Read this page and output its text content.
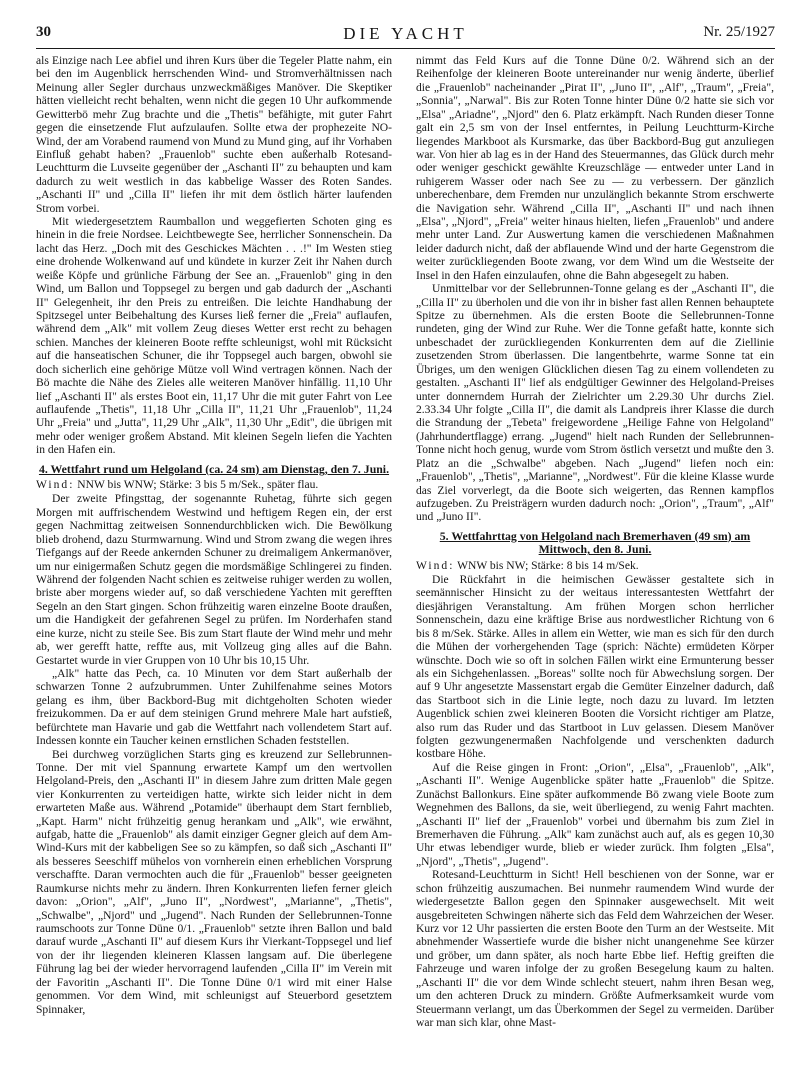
30	DIE YACHT	Nr. 25/1927

als Einzige nach Lee abfiel und ihren Kurs über die Tegeler Platte nahm, ein bei den im Augenblick herrschenden Wind- und Stromverhältnissen nach Meinung aller Segler durchaus unzweckmäßiges Manöver. Die Skeptiker hätten vielleicht recht behalten, wenn nicht die gegen 10 Uhr aufkommende Gewitterbö mehr Zug brachte und die „Thetis" befähigte, mit guter Fahrt gegen die einsetzende Flut aufzulaufen. Sollte etwa der prophezeite NO-Wind, der am Vorabend raumend von Mund zu Mund ging, auf ihr Vorhaben Einfluß gehabt haben? „Frauenlob" suchte eben außerhalb Rotesand-Leuchtturm die Luvseite gegenüber der „Aschanti II" zu behaupten und kam dadurch zu weit westlich in das kabbelige Wasser des Roten Sandes. „Aschanti II" und „Cilla II" liefen ihr mit dem östlich härter laufenden Strom vorbei.

Mit wiedergesetztem Raumballon und weggefierten Schoten ging es hinein in die freie Nordsee. Leichtbewegte See, herrlicher Sonnenschein. Da lacht das Herz. „Doch mit des Geschickes Mächten . . .!" Im Westen stieg eine drohende Wolkenwand auf und kündete in kurzer Zeit ihr Nahen durch weiße Köpfe und grünliche Färbung der See an. „Frauenlob" ging in den Wind, um Ballon und Toppsegel zu bergen und gab dadurch der „Aschanti II" Gelegenheit, ihr den Preis zu entreißen. Die leichte Handhabung der Spitzsegel unter Beibehaltung des Kurses ließ ferner die „Freia" auflaufen, während dem „Alk" mit vollem Zeug dieses Wetter erst recht zu behagen schien. Manches der kleineren Boote reffte schleunigst, wohl mit Rücksicht auf die hanseatischen Schuner, die ihr Toppsegel auch bargen, obwohl sie doch sicherlich eine gehörige Mütze voll Wind vertragen können. Nach der Bö machte die Nähe des Zieles alle weiteren Manöver hinfällig. 11,10 Uhr lief „Aschanti II" als erstes Boot ein, 11,17 Uhr die mit guter Fahrt von Lee auflaufende „Thetis", 11,18 Uhr „Cilla II", 11,21 Uhr „Frauenlob", 11,24 Uhr „Freia" und „Jutta", 11,29 Uhr „Alk", 11,30 Uhr „Edit", die übrigen mit mehr oder weniger großem Abstand. Mit kleinen Segeln liefen die Yachten in den Hafen ein.

4. Wettfahrt rund um Helgoland (ca. 24 sm) am Dienstag, den 7. Juni.

Wind: NNW bis WNW; Stärke: 3 bis 5 m/Sek., später flau.

Der zweite Pfingsttag, der sogenannte Ruhetag, führte sich gegen Morgen mit auffrischendem Westwind und heftigem Regen ein, der erst gegen Nachmittag zeitweisen Sonnendurchblicken wich. Die Bewölkung blieb drohend, dazu Sturmwarnung. Wind und Strom zwang die wegen ihres Tiefgangs auf der Reede ankernden Schuner zu dreimaligem Ankermanöver, um nur einigermaßen Schutz gegen die mordsmäßige Schlingerei zu finden. Während der folgenden Nacht schien es zeitweise ruhiger werden zu wollen, briste aber morgens wieder auf, so daß verschiedene Yachten mit gerefften Segeln an den Start gingen. Schon frühzeitig waren einzelne Boote draußen, um die Handigkeit der gefahrenen Segel zu prüfen. Im Norderhafen stand eine kurze, nicht zu steile See. Bis zum Start flaute der Wind mehr und mehr ab, wer gerefft hatte, reffte aus, mit Vollzeug ging alles auf die Bahn. Gestartet wurde in vier Gruppen von 10 Uhr bis 10,15 Uhr.

„Alk" hatte das Pech, ca. 10 Minuten vor dem Start außerhalb der schwarzen Tonne 2 aufzubrummen. Unter Zuhilfenahme seines Motors gelang es ihm, über Backbord-Bug mit dichtgeholten Schoten wieder freizukommen. Da er auf dem steinigen Grund mehrere Male hart aufstieß, befürchtete man Havarie und gab die Wettfahrt nach vollendetem Start auf. Indessen konnte ein Taucher keinen ernstlichen Schaden feststellen.

Bei durchweg vorzüglichen Starts ging es kreuzend zur Sellebrunnen-Tonne. Der mit viel Spannung erwartete Kampf um den wertvollen Helgoland-Preis, den „Aschanti II" in diesem Jahre zum dritten Male gegen vier Konkurrenten zu verteidigen hatte, wirkte sich leider nicht in dem erwarteten Maße aus. Während „Potamide" überhaupt dem Start fernblieb, „Kapt. Harm" nicht frühzeitig genug herankam und „Alk", wie erwähnt, aufgab, hatte die „Frauenlob" als damit einziger Gegner gleich auf dem Am-Wind-Kurs mit der kabbeligen See so zu kämpfen, so daß sich „Aschanti II" als besseres Seeschiff mühelos von vornherein einen erheblichen Vorsprung verschaffte. Daran vermochten auch die für „Frauenlob" besser geeigneten Raumkurse nichts mehr zu ändern. Ihren Konkurrenten liefen ferner gleich davon: „Orion", „Alf", „Juno II", „Nordwest", „Marianne", „Thetis", „Schwalbe", „Njord" und „Jugend". Nach Runden der Sellebrunnen-Tonne raumschoots zur Tonne Düne 0/1. „Frauenlob" setzte ihren Ballon und bald darauf wurde „Aschanti II" auf diesem Kurs ihr Vierkant-Toppsegel und lief von der ihr liegenden kleineren Klassen langsam auf. Die überlegene Führung lag bei der wieder hervorragend laufenden „Cilla II" im Verein mit der Favoritin „Aschanti II". Die Tonne Düne 0/1 wird mit einer Halse genommen. Vor dem Wind, mit schleunigst auf Steuerbord gesetztem Spinnaker,

nimmt das Feld Kurs auf die Tonne Düne 0/2. Während sich an der Reihenfolge der kleineren Boote untereinander nur wenig änderte, überlief die „Frauenlob" nacheinander „Pirat II", „Juno II", „Alf", „Traum", „Freia", „Sonnia", „Narwal". Bis zur Roten Tonne hinter Düne 0/2 hatte sie sich vor „Elsa" „Ariadne", „Njord" den 6. Platz erkämpft. Nach Runden dieser Tonne galt ein 2,5 sm von der Insel entferntes, in Peilung Leuchtturm-Kirche liegendes Markboot als Kursmarke, das über Backbord-Bug gut anzuliegen war. Von hier ab lag es in der Hand des Steuermannes, das Glück durch mehr oder weniger geschickt gewählte Kreuzschläge — entweder unter Land in ruhigerem Wasser oder nach See zu — zu verbessern. Der gänzlich unberechenbare, dem Fremden nur unzulänglich bekannte Strom erschwerte die Navigation sehr. Während „Cilla II", „Aschanti II" und nach ihnen „Elsa", „Njord", „Freia" weiter hinaus hielten, liefen „Frauenlob" und andere mehr unter Land. Zur Auswertung kamen die verschiedenen Maßnahmen leider dadurch nicht, daß der abflauende Wind und der harte Gegenstrom die weiter zurückliegenden Boote zwang, vor dem Wind um die Westseite der Insel in den Hafen einzulaufen, ohne die Bahn abgesegelt zu haben.

Unmittelbar vor der Sellebrunnen-Tonne gelang es der „Aschanti II", die „Cilla II" zu überholen und die von ihr in bisher fast allen Rennen behauptete Spitze zu übernehmen. Als die ersten Boote die Sellebrunnen-Tonne rundeten, ging der Wind zur Ruhe. Wer die Tonne gefaßt hatte, konnte sich unbeschadet der zurückliegenden Konkurrenten dem auf die Ziellinie zusetzenden Strom überlassen. Die langentbehrte, warme Sonne tat ein Übriges, um den wenigen Glücklichen diesen Tag zu einem vollendeten zu gestalten. „Aschanti II" lief als endgültiger Gewinner des Helgoland-Preises unter donnerndem Hurrah der Zielrichter um 2.29.30 Uhr durchs Ziel. 2.33.34 Uhr folgte „Cilla II", die damit als Landpreis ihrer Klasse die durch die Strandung der „Tebeta" freigewordene „Heilige Fahne von Helgoland" (Jahrhundertflagge) errang. „Jugend" hielt nach Runden der Sellebrunnen-Tonne nicht hoch genug, wurde vom Strom östlich versetzt und mußte den 3. Platz an die „Schwalbe" abgeben. Nach „Jugend" liefen noch ein: „Frauenlob", „Thetis", „Marianne", „Nordwest". Für die kleine Klasse wurde das Ziel vorverlegt, da die Boote sich weigerten, das Rennen kampflos aufzugeben. Zu Preisträgern wurden dadurch noch: „Orion", „Traum", „Alf" und „Juno II".

5. Wettfahrttag von Helgoland nach Bremerhaven (49 sm) am Mittwoch, den 8. Juni.

Wind: WNW bis NW; Stärke: 8 bis 14 m/Sek.

Die Rückfahrt in die heimischen Gewässer gestaltete sich in seemännischer Hinsicht zu der weitaus interessantesten Wettfahrt der diesjährigen Veranstaltung. Am frühen Morgen schon herrlicher Sonnenschein, dazu eine kräftige Brise aus nordwestlicher Richtung von 6 bis 8 m/Sek. Stärke. Alles in allem ein Wetter, wie man es sich für den durch die Mühen der vorhergehenden Tage (sprich: Nächte) ermüdeten Körper wünschte. Doch wie so oft in solchen Fällen wirkt eine Ermunterung besser als ein Sichgehenlassen. „Boreas" sollte noch für Abwechslung sorgen. Der auf 9 Uhr angesetzte Massenstart ergab die Gemüter Einzelner dadurch, daß das Startboot sich in die Linie legte, noch dazu zu luvard. Im letzten Augenblick schien zwei kleineren Booten die Vorsicht richtiger am Platze, also rum das Ruder und das Startboot in Luv gelassen. Diesem Manöver folgten gezwungenermaßen Nachfolgende und verschenkten dadurch kostbare Höhe.

Auf die Reise gingen in Front: „Orion", „Elsa", „Frauenlob", „Alk", „Aschanti II". Wenige Augenblicke später hatte „Frauenlob" die Spitze. Zunächst Ballonkurs. Eine später aufkommende Bö zwang viele Boote zum Wegnehmen des Ballons, da sie, weit überliegend, zu wenig Fahrt machten. „Aschanti II" lief der „Frauenlob" vorbei und übernahm bis zum Ziel in Bremerhaven die Führung. „Alk" kam zunächst auch auf, als es gegen 10,30 Uhr etwas lebendiger wurde, blieb er wieder zurück. Ihm folgten „Elsa", „Njord", „Thetis", „Jugend".

Rotesand-Leuchtturm in Sicht! Hell beschienen von der Sonne, war er schon frühzeitig auszumachen. Bei nunmehr raumendem Wind wurde der wiedergesetzte Ballon gegen den Spinnaker ausgewechselt. Mit weit ausgebreiteten Schwingen näherte sich das Feld dem Wahrzeichen der Weser. Kurz vor 12 Uhr passierten die ersten Boote den Turm an der Westseite. Mit abnehmender Wassertiefe wurde die bisher nicht unangenehme See kürzer und gröber, um dann später, als noch harte Ebbe lief. Heftig greiften die Fahrzeuge und waren infolge der zu großen Besegelung kaum zu halten. „Aschanti II" die vor dem Winde schlecht steuert, nahm ihren Besan weg, um den achteren Druck zu mindern. Größte Aufmerksamkeit wurde vom Steuermann verlangt, um das Überkommen der Segel zu vermeiden. Darüber war man sich klar, ohne Mast-
